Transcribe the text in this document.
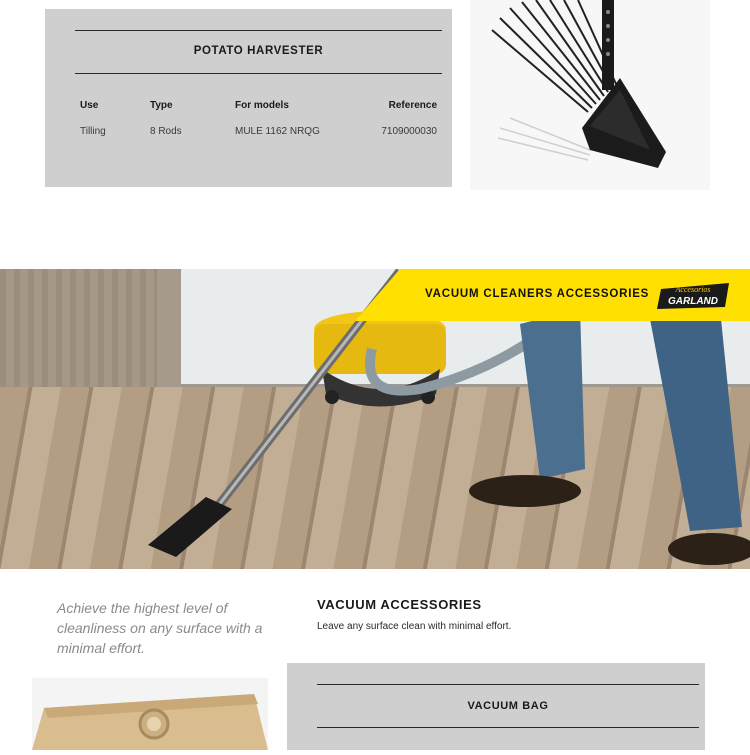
POTATO HARVESTER
Use	Type	For models	Reference
Tilling	8 Rods	MULE 1162 NRQG	7109000030
VACUUM CLEANERS ACCESSORIES	Accesorios
GARLAND
Achieve the highest level of cleanliness on any surface with a minimal effort.
VACUUM ACCESSORIES
Leave any surface clean with minimal effort.
VACUUM BAG
